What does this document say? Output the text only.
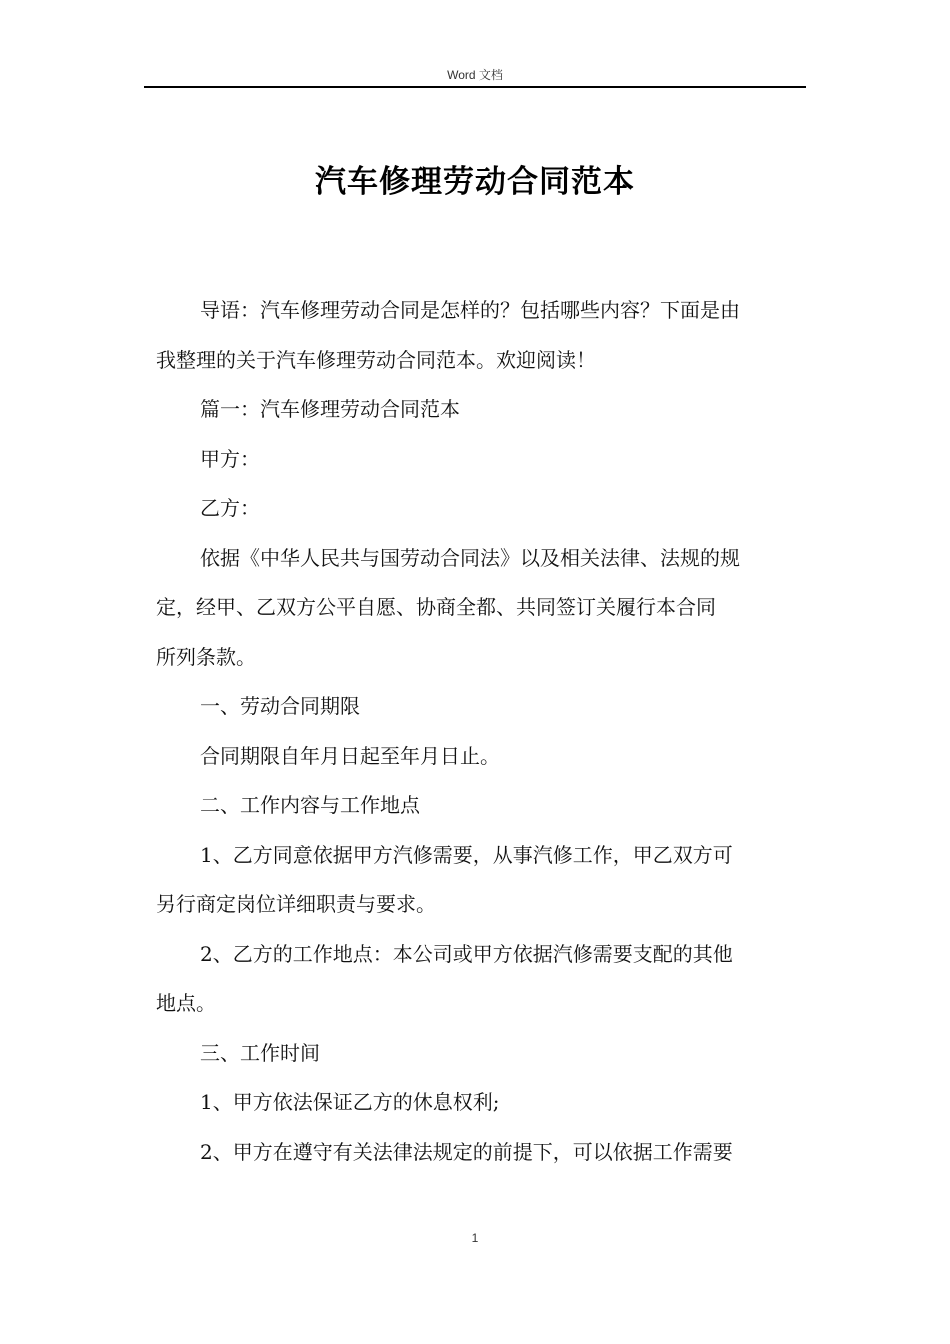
Word 文档
汽车修理劳动合同范本

导语：汽车修理劳动合同是怎样的？包括哪些内容？下面是由
我整理的关于汽车修理劳动合同范本。欢迎阅读！

篇一：汽车修理劳动合同范本

甲方：

乙方：

依据《中华人民共与国劳动合同法》以及相关法律、法规的规
定，经甲、乙双方公平自愿、协商全都、共同签订关履行本合同
所列条款。

一、劳动合同期限

合同期限自年月日起至年月日止。

二、工作内容与工作地点

1、乙方同意依据甲方汽修需要，从事汽修工作，甲乙双方可
另行商定岗位详细职责与要求。

2、乙方的工作地点：本公司或甲方依据汽修需要支配的其他
地点。

三、工作时间

1、甲方依法保证乙方的休息权利;

2、甲方在遵守有关法律法规定的前提下，可以依据工作需要

1
